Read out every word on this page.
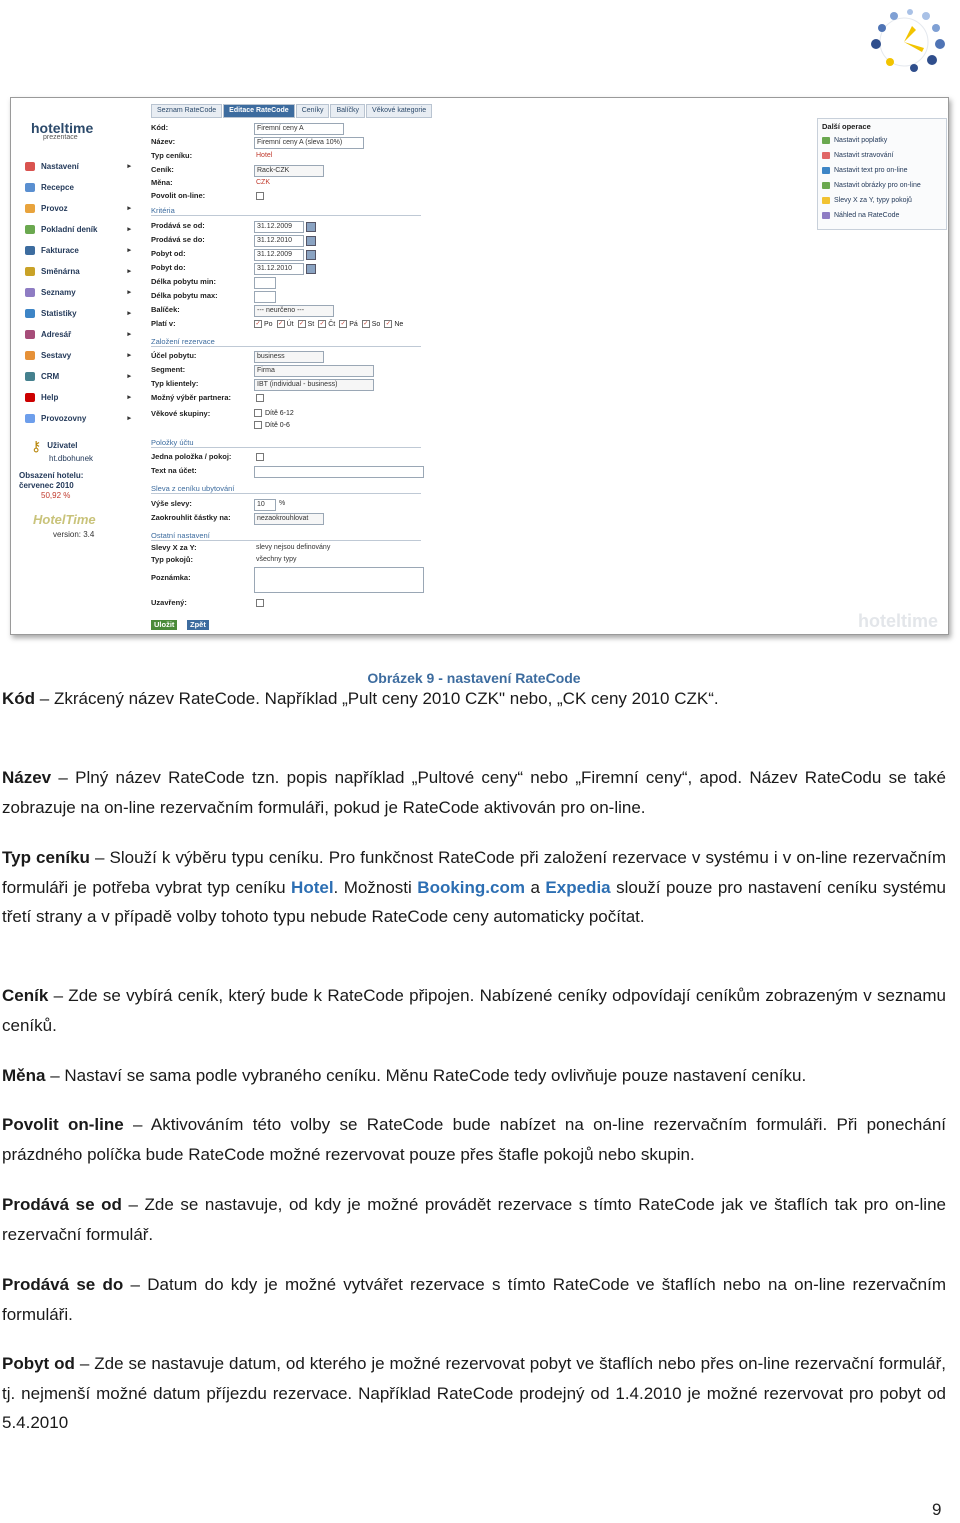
hoteltime
prezentace
Nastavení	▸
Recepce
Provoz	▸
Pokladní deník	▸
Fakturace	▸
Směnárna	▸
Seznamy	▸
Statistiky	▸
Adresář	▸
Sestavy	▸
CRM	▸
Help	▸
Provozovny	▸
⚷ Uživatel
ht.dbohunek
Obsazení hotelu:
červenec 2010
50,92 %
HotelTime
version: 3.4
Seznam RateCode Editace RateCode Ceníky Balíčky Věkové kategorie
Kód:	Firemní ceny A
Název:	Firemní ceny A (sleva 10%)
Typ ceníku:	Hotel
Ceník:	Rack-CZK
Měna:	CZK
Povolit on-line:
Kritéria
Prodává se od:	31.12.2009
Prodává se do:	31.12.2010
Pobyt od:	31.12.2009
Pobyt do:	31.12.2010
Délka pobytu min:
Délka pobytu max:
Balíček:	--- neurčeno ---
Platí v:	✓ Po ✓ Út ✓ St ✓ Čt ✓ Pá ✓ So ✓ Ne
Založení rezervace
Účel pobytu:	business
Segment:	Firma
Typ klientely:	IBT (individual - business)
Možný výběr partnera:
Věkové skupiny:	Dítě 6-12
Dítě 0-6
Položky účtu
Jedna položka / pokoj:
Text na účet:
Sleva z ceníku ubytování
Výše slevy:	10	%
Zaokrouhlit částky na:	nezaokrouhlovat
Ostatní nastavení
Slevy X za Y:	slevy nejsou definovány
Typ pokojů:	všechny typy
Poznámka:
Uzavřený:
Uložit	Zpět
Další operace
Nastavit poplatky
Nastavit stravování
Nastavit text pro on-line
Nastavit obrázky pro on-line
Slevy X za Y, typy pokojů
Náhled na RateCode
hoteltime
Obrázek 9 - nastavení RateCode
Kód – Zkrácený název RateCode. Například „Pult ceny 2010 CZK" nebo, „CK ceny 2010 CZK“.
Název – Plný název RateCode tzn. popis například „Pultové ceny“ nebo „Firemní ceny“, apod. Název RateCodu se také zobrazuje na on-line rezervačním formuláři, pokud je RateCode aktivován pro on-line.
Typ ceníku – Slouží k výběru typu ceníku. Pro funkčnost RateCode při založení rezervace v systému i v on-line rezervačním formuláři je potřeba vybrat typ ceníku Hotel. Možnosti Booking.com a Expedia slouží pouze pro nastavení ceníku systému třetí strany a v případě volby tohoto typu nebude RateCode ceny automaticky počítat.
Ceník – Zde se vybírá ceník, který bude k RateCode připojen. Nabízené ceníky odpovídají ceníkům zobrazeným v seznamu ceníků.
Měna – Nastaví se sama podle vybraného ceníku. Měnu RateCode tedy ovlivňuje pouze nastavení ceníku.
Povolit on-line – Aktivováním této volby se RateCode bude nabízet na on-line rezervačním formuláři. Při ponechání prázdného políčka bude RateCode možné rezervovat pouze přes štafle pokojů nebo skupin.
Prodává se od – Zde se nastavuje, od kdy je možné provádět rezervace s tímto RateCode jak ve štaflích tak pro on-line rezervační formulář.
Prodává se do – Datum do kdy je možné vytvářet rezervace s tímto RateCode ve štaflích nebo na on-line rezervačním formuláři.
Pobyt od – Zde se nastavuje datum, od kterého je možné rezervovat pobyt ve štaflích nebo přes on-line rezervační formulář, tj. nejmenší možné datum příjezdu rezervace. Například RateCode prodejný od 1.4.2010 je možné rezervovat pro pobyt od 5.4.2010
9
